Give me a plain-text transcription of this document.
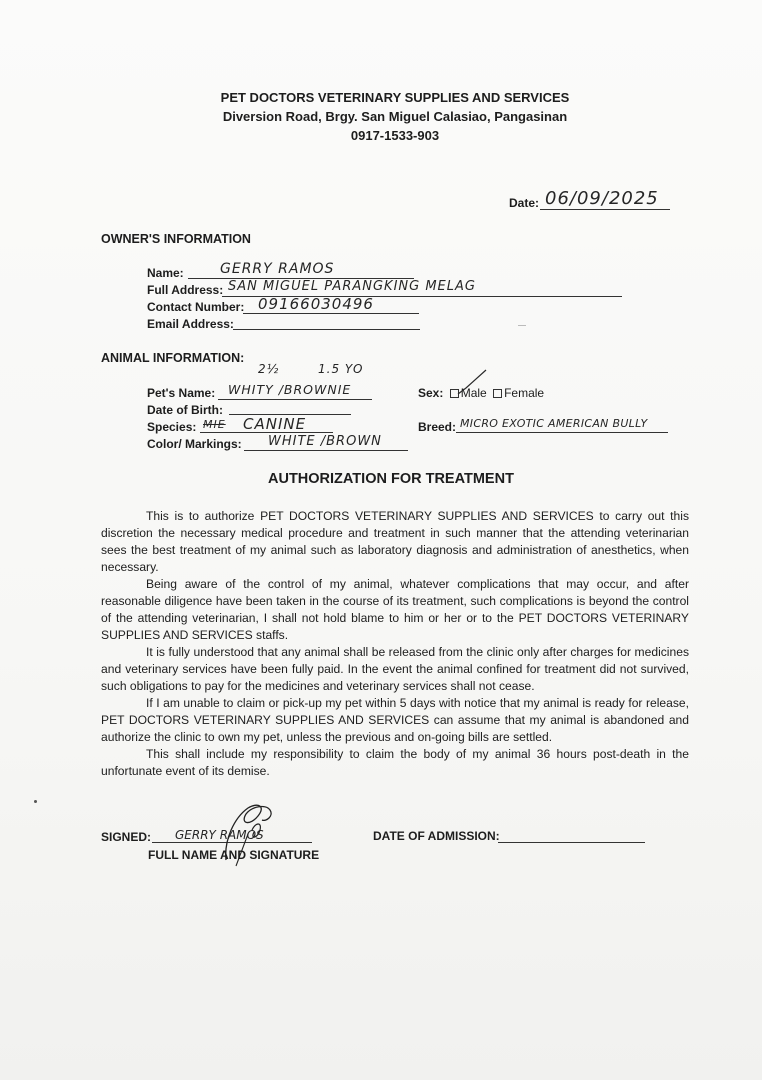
PET DOCTORS VETERINARY SUPPLIES AND SERVICES
Diversion Road, Brgy. San Miguel Calasiao, Pangasinan
0917-1533-903
Date: 06/09/2025
OWNER'S INFORMATION
Name:	GERRY RAMOS
Full Address: SAN MIGUEL PARANGKING MELAG
Contact Number: 09166030496
Email Address:
ANIMAL INFORMATION:
2½	1.5 YO
Pet's Name: WHITY /BROWNIE	Sex: Male Female
Date of Birth:
Species: MIE CANINE	Breed: MICRO EXOTIC AMERICAN BULLY
Color/ Markings: WHITE /BROWN
AUTHORIZATION FOR TREATMENT

This is to authorize PET DOCTORS VETERINARY SUPPLIES AND SERVICES to carry out this discretion the necessary medical procedure and treatment in such manner that the attending veterinarian sees the best treatment of my animal such as laboratory diagnosis and administration of anesthetics, when necessary.

Being aware of the control of my animal, whatever complications that may occur, and after reasonable diligence have been taken in the course of its treatment, such complications is beyond the control of the attending veterinarian, I shall not hold blame to him or her or to the PET DOCTORS VETERINARY SUPPLIES AND SERVICES staffs.

It is fully understood that any animal shall be released from the clinic only after charges for medicines and veterinary services have been fully paid. In the event the animal confined for treatment did not survived, such obligations to pay for the medicines and veterinary services shall not cease.

If I am unable to claim or pick-up my pet within 5 days with notice that my animal is ready for release, PET DOCTORS VETERINARY SUPPLIES AND SERVICES can assume that my animal is abandoned and authorize the clinic to own my pet, unless the previous and on-going bills are settled.

This shall include my responsibility to claim the body of my animal 36 hours post-death in the unfortunate event of its demise.

SIGNED: GERRY RAMOS
FULL NAME AND SIGNATURE
DATE OF ADMISSION:
